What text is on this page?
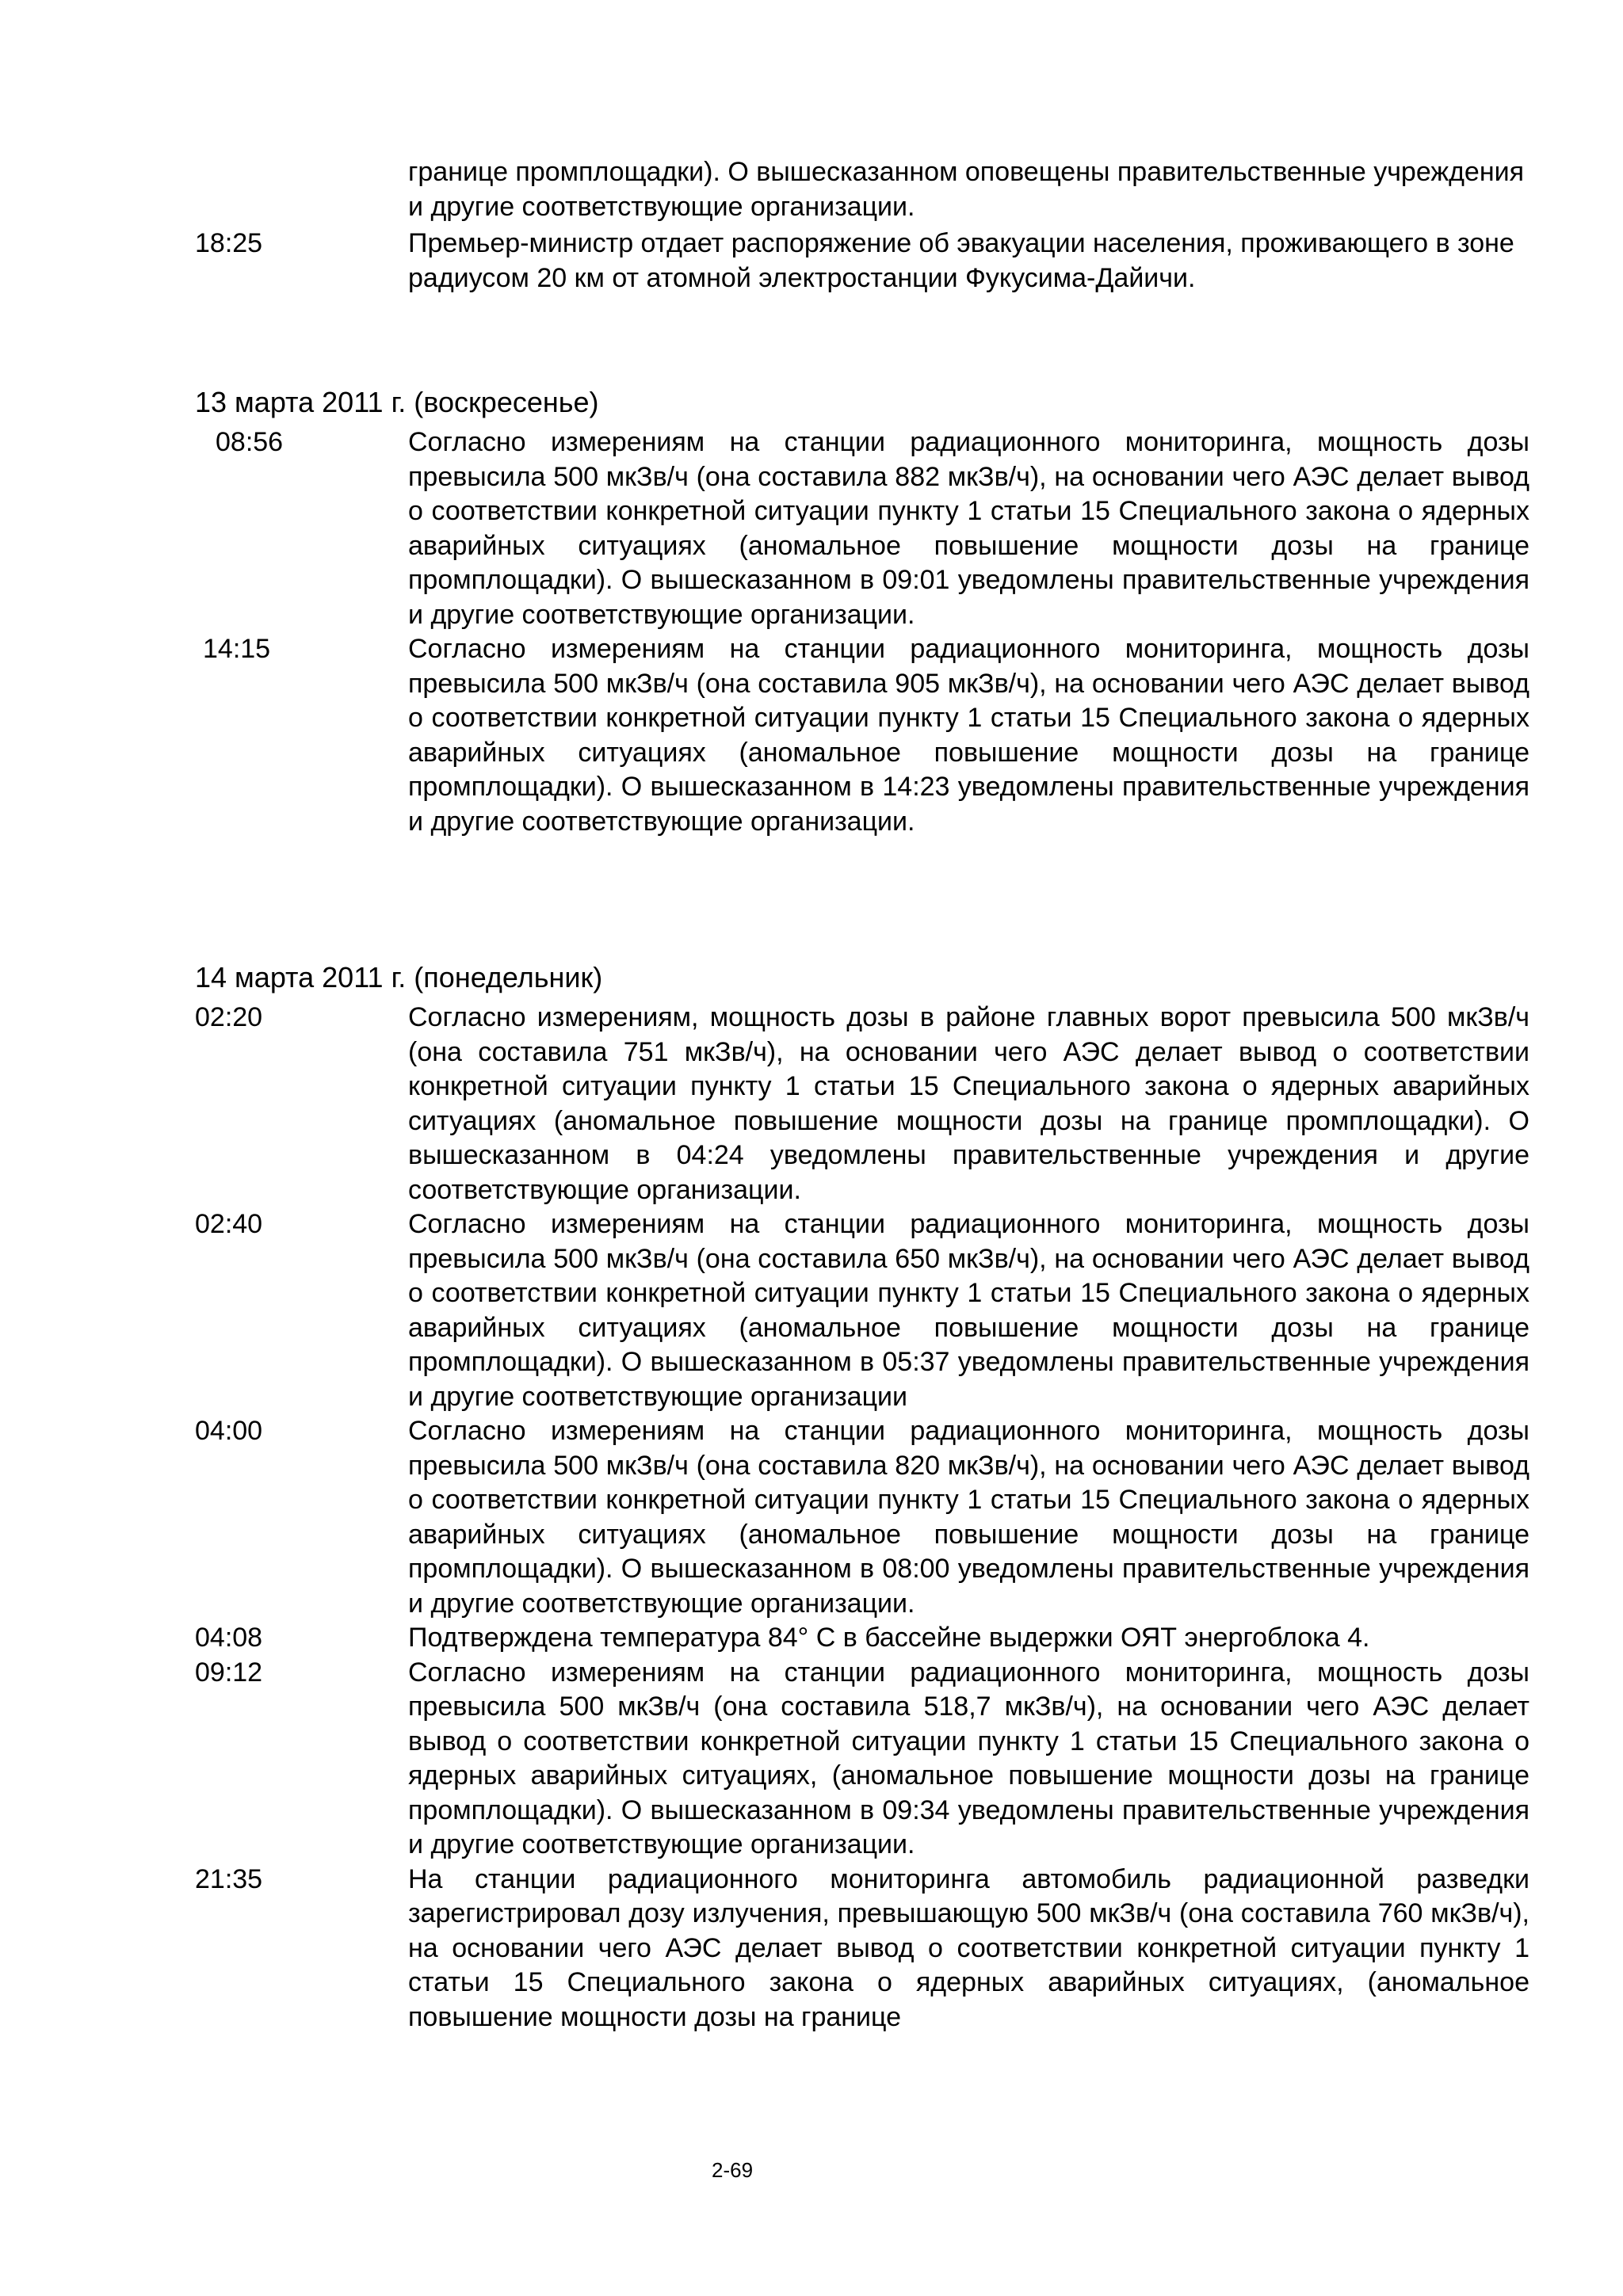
границе промплощадки). О вышесказанном оповещены правительственные учреждения и другие соответствующие организации.
18:25	Премьер-министр отдает распоряжение об эвакуации населения, проживающего в зоне радиусом 20 км от атомной электростанции Фукусима-Дайичи.
13 марта 2011 г. (воскресенье)
08:56	Согласно измерениям на станции радиационного мониторинга, мощность дозы превысила 500 мкЗв/ч (она составила 882 мкЗв/ч), на основании чего АЭС делает вывод о соответствии конкретной ситуации пункту 1 статьи 15 Специального закона о ядерных аварийных ситуациях (аномальное повышение мощности дозы на границе промплощадки). О вышесказанном в 09:01 уведомлены правительственные учреждения и другие соответствующие организации.
14:15	Согласно измерениям на станции радиационного мониторинга, мощность дозы превысила 500 мкЗв/ч (она составила 905 мкЗв/ч), на основании чего АЭС делает вывод о соответствии конкретной ситуации пункту 1 статьи 15 Специального закона о ядерных аварийных ситуациях (аномальное повышение мощности дозы на границе промплощадки). О вышесказанном в 14:23 уведомлены правительственные учреждения и другие соответствующие организации.
14 марта 2011 г. (понедельник)
02:20	Согласно измерениям, мощность дозы в районе главных ворот превысила 500 мкЗв/ч (она составила 751 мкЗв/ч), на основании чего АЭС делает вывод о соответствии конкретной ситуации пункту 1 статьи 15 Специального закона о ядерных аварийных ситуациях (аномальное повышение мощности дозы на границе промплощадки). О вышесказанном в 04:24 уведомлены правительственные учреждения и другие соответствующие организации.
02:40	Согласно измерениям на станции радиационного мониторинга, мощность дозы превысила 500 мкЗв/ч (она составила 650 мкЗв/ч), на основании чего АЭС делает вывод о соответствии конкретной ситуации пункту 1 статьи 15 Специального закона о ядерных аварийных ситуациях (аномальное повышение мощности дозы на границе промплощадки). О вышесказанном в 05:37 уведомлены правительственные учреждения и другие соответствующие организации
04:00	Согласно измерениям на станции радиационного мониторинга, мощность дозы превысила 500 мкЗв/ч (она составила 820 мкЗв/ч), на основании чего АЭС делает вывод о соответствии конкретной ситуации пункту 1 статьи 15 Специального закона о ядерных аварийных ситуациях (аномальное повышение мощности дозы на границе промплощадки). О вышесказанном в 08:00 уведомлены правительственные учреждения и другие соответствующие организации.
04:08	Подтверждена температура 84° C в бассейне выдержки ОЯТ энергоблока 4.
09:12	Согласно измерениям на станции радиационного мониторинга, мощность дозы превысила 500 мкЗв/ч (она составила 518,7 мкЗв/ч), на основании чего АЭС делает вывод о соответствии конкретной ситуации пункту 1 статьи 15 Специального закона о ядерных аварийных ситуациях, (аномальное повышение мощности дозы на границе промплощадки). О вышесказанном в 09:34 уведомлены правительственные учреждения и другие соответствующие организации.
21:35	На станции радиационного мониторинга автомобиль радиационной разведки зарегистрировал дозу излучения, превышающую 500 мкЗв/ч (она составила 760 мкЗв/ч), на основании чего АЭС делает вывод о соответствии конкретной ситуации пункту 1 статьи 15 Специального закона о ядерных аварийных ситуациях, (аномальное повышение мощности дозы на границе
2-69
